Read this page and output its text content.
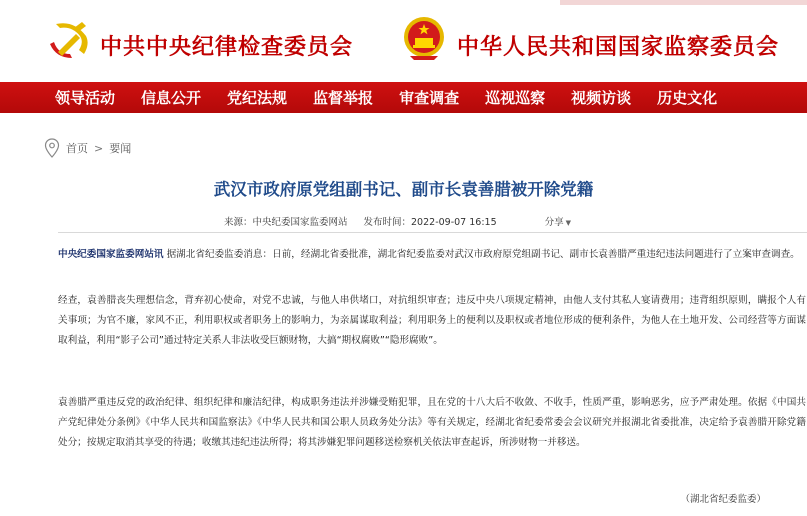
中共中央纪律检查委员会	中华人民共和国国家监察委员会
领导活动 信息公开 党纪法规 监督举报 审查调查 巡视巡察 视频访谈 历史文化
首页 > 要闻
武汉市政府原党组副书记、副市长袁善腊被开除党籍
来源：中央纪委国家监委网站 发布时间：2022-09-07 16:15	分享 ▼

中央纪委国家监委网站讯 据湖北省纪委监委消息：日前，经湖北省委批准，湖北省纪委监委对武汉市政府原党组副书记、副市长袁善腊严重违纪违法问题进行了立案审查调查。

经查，袁善腊丧失理想信念，背弃初心使命，对党不忠诚，与他人串供堵口，对抗组织审查；违反中央八项规定精神，由他人支付其私人宴请费用；违背组织原则，瞒报个人有关事项；为官不廉，家风不正，利用职权或者职务上的影响力，为亲属谋取利益；利用职务上的便利以及职权或者地位形成的便利条件，为他人在土地开发、公司经营等方面谋取利益，利用“影子公司”通过特定关系人非法收受巨额财物，大搞“期权腐败”“隐形腐败”。

袁善腊严重违反党的政治纪律、组织纪律和廉洁纪律，构成职务违法并涉嫌受贿犯罪，且在党的十八大后不收敛、不收手，性质严重，影响恶劣，应予严肃处理。依据《中国共产党纪律处分条例》《中华人民共和国监察法》《中华人民共和国公职人员政务处分法》等有关规定，经湖北省纪委常委会会议研究并报湖北省委批准，决定给予袁善腊开除党籍处分；按规定取消其享受的待遇；收缴其违纪违法所得；将其涉嫌犯罪问题移送检察机关依法审查起诉，所涉财物一并移送。

（湖北省纪委监委）
